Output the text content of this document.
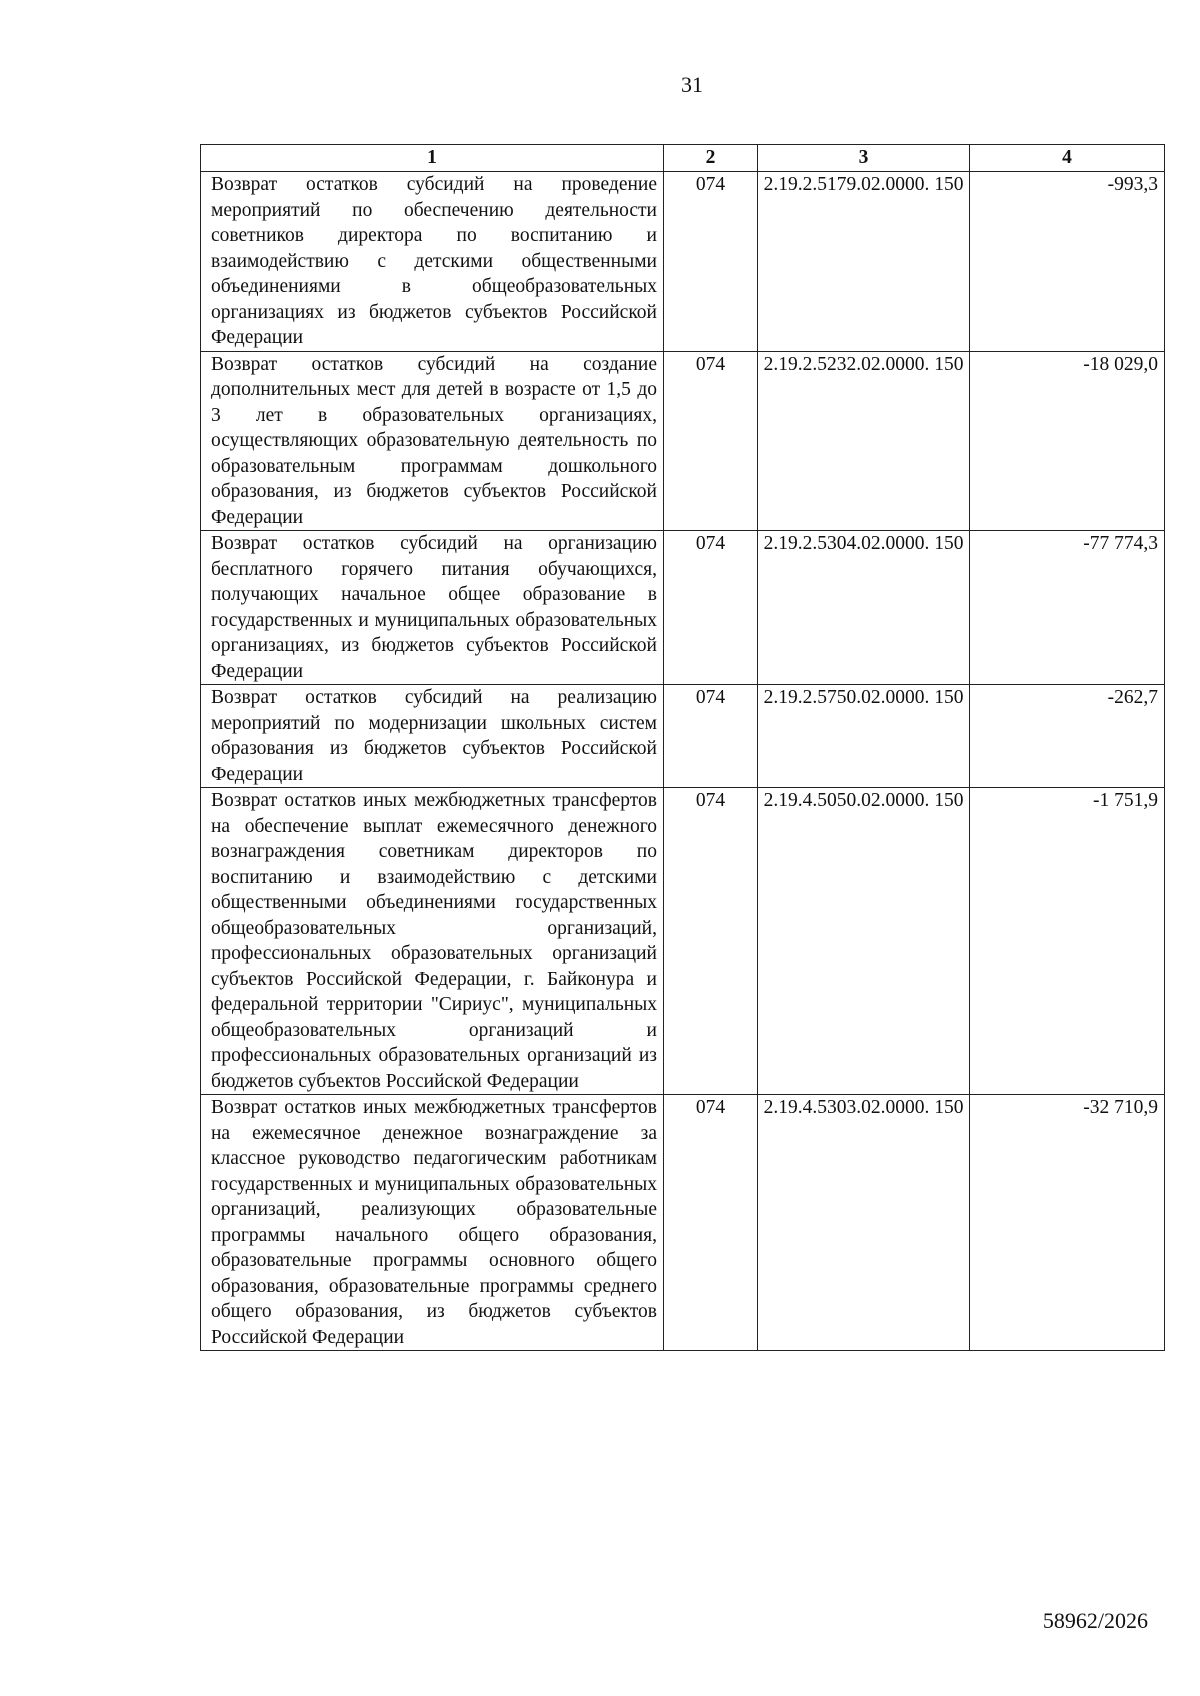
31
1	2	3	4
Возврат остатков субсидий на проведение мероприятий по обеспечению деятельности советников директора по воспитанию и взаимодействию с детскими общественными объединениями в общеобразовательных организациях из бюджетов субъектов Российской Федерации	074	2.19.2.5179.02.0000. 150	-993,3
Возврат остатков субсидий на создание дополнительных мест для детей в возрасте от 1,5 до 3 лет в образовательных организациях, осуществляющих образовательную деятельность по образовательным программам дошкольного образования, из бюджетов субъектов Российской Федерации	074	2.19.2.5232.02.0000. 150	-18 029,0
Возврат остатков субсидий на организацию бесплатного горячего питания обучающихся, получающих начальное общее образование в государственных и муниципальных образовательных организациях, из бюджетов субъектов Российской Федерации	074	2.19.2.5304.02.0000. 150	-77 774,3
Возврат остатков субсидий на реализацию мероприятий по модернизации школьных систем образования из бюджетов субъектов Российской Федерации	074	2.19.2.5750.02.0000. 150	-262,7
Возврат остатков иных межбюджетных трансфертов на обеспечение выплат ежемесячного денежного вознаграждения советникам директоров по воспитанию и взаимодействию с детскими общественными объединениями государственных общеобразовательных организаций, профессиональных образовательных организаций субъектов Российской Федерации, г. Байконура и федеральной территории "Сириус", муниципальных общеобразовательных организаций и профессиональных образовательных организаций из бюджетов субъектов Российской Федерации	074	2.19.4.5050.02.0000. 150	-1 751,9
Возврат остатков иных межбюджетных трансфертов на ежемесячное денежное вознаграждение за классное руководство педагогическим работникам государственных и муниципальных образовательных организаций, реализующих образовательные программы начального общего образования, образовательные программы основного общего образования, образовательные программы среднего общего образования, из бюджетов субъектов Российской Федерации	074	2.19.4.5303.02.0000. 150	-32 710,9
58962/2026
